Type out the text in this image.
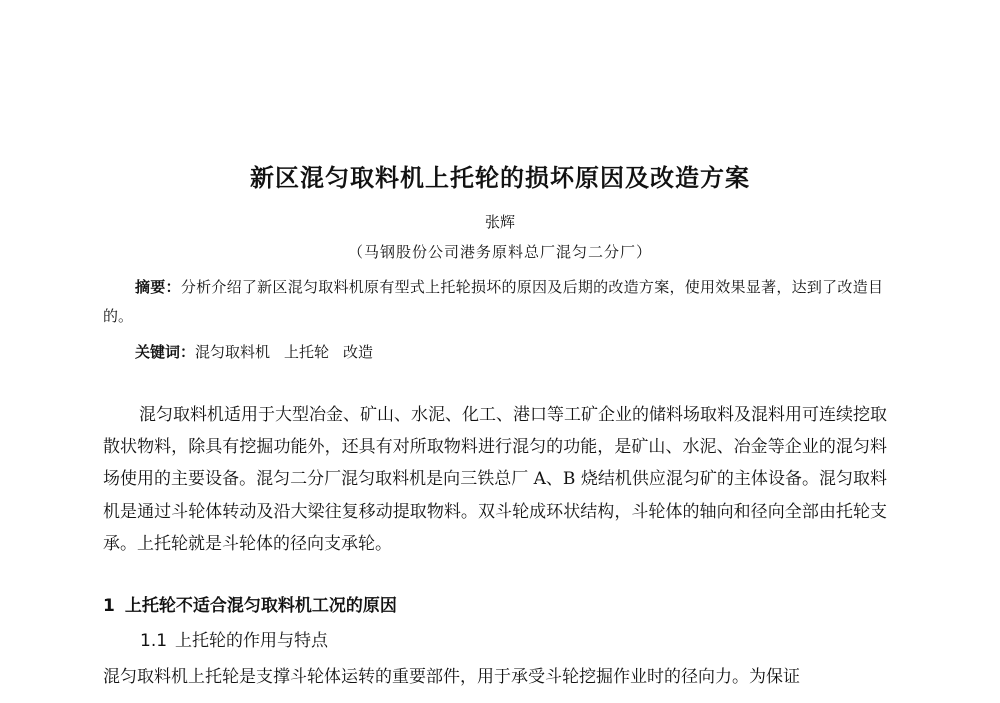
新区混匀取料机上托轮的损坏原因及改造方案
张辉
（马钢股份公司港务原料总厂混匀二分厂）
摘要：分析介绍了新区混匀取料机原有型式上托轮损坏的原因及后期的改造方案，使用效果显著，达到了改造目的。
关键词：混匀取料机 上托轮 改造
混匀取料机适用于大型冶金、矿山、水泥、化工、港口等工矿企业的储料场取料及混料用可连续挖取散状物料，除具有挖掘功能外，还具有对所取物料进行混匀的功能，是矿山、水泥、冶金等企业的混匀料场使用的主要设备。混匀二分厂混匀取料机是向三铁总厂 A、B 烧结机供应混匀矿的主体设备。混匀取料机是通过斗轮体转动及沿大梁往复移动提取物料。双斗轮成环状结构，斗轮体的轴向和径向全部由托轮支承。上托轮就是斗轮体的径向支承轮。
1 上托轮不适合混匀取料机工况的原因
1.1 上托轮的作用与特点
混匀取料机上托轮是支撑斗轮体运转的重要部件，用于承受斗轮挖掘作业时的径向力。为保证
